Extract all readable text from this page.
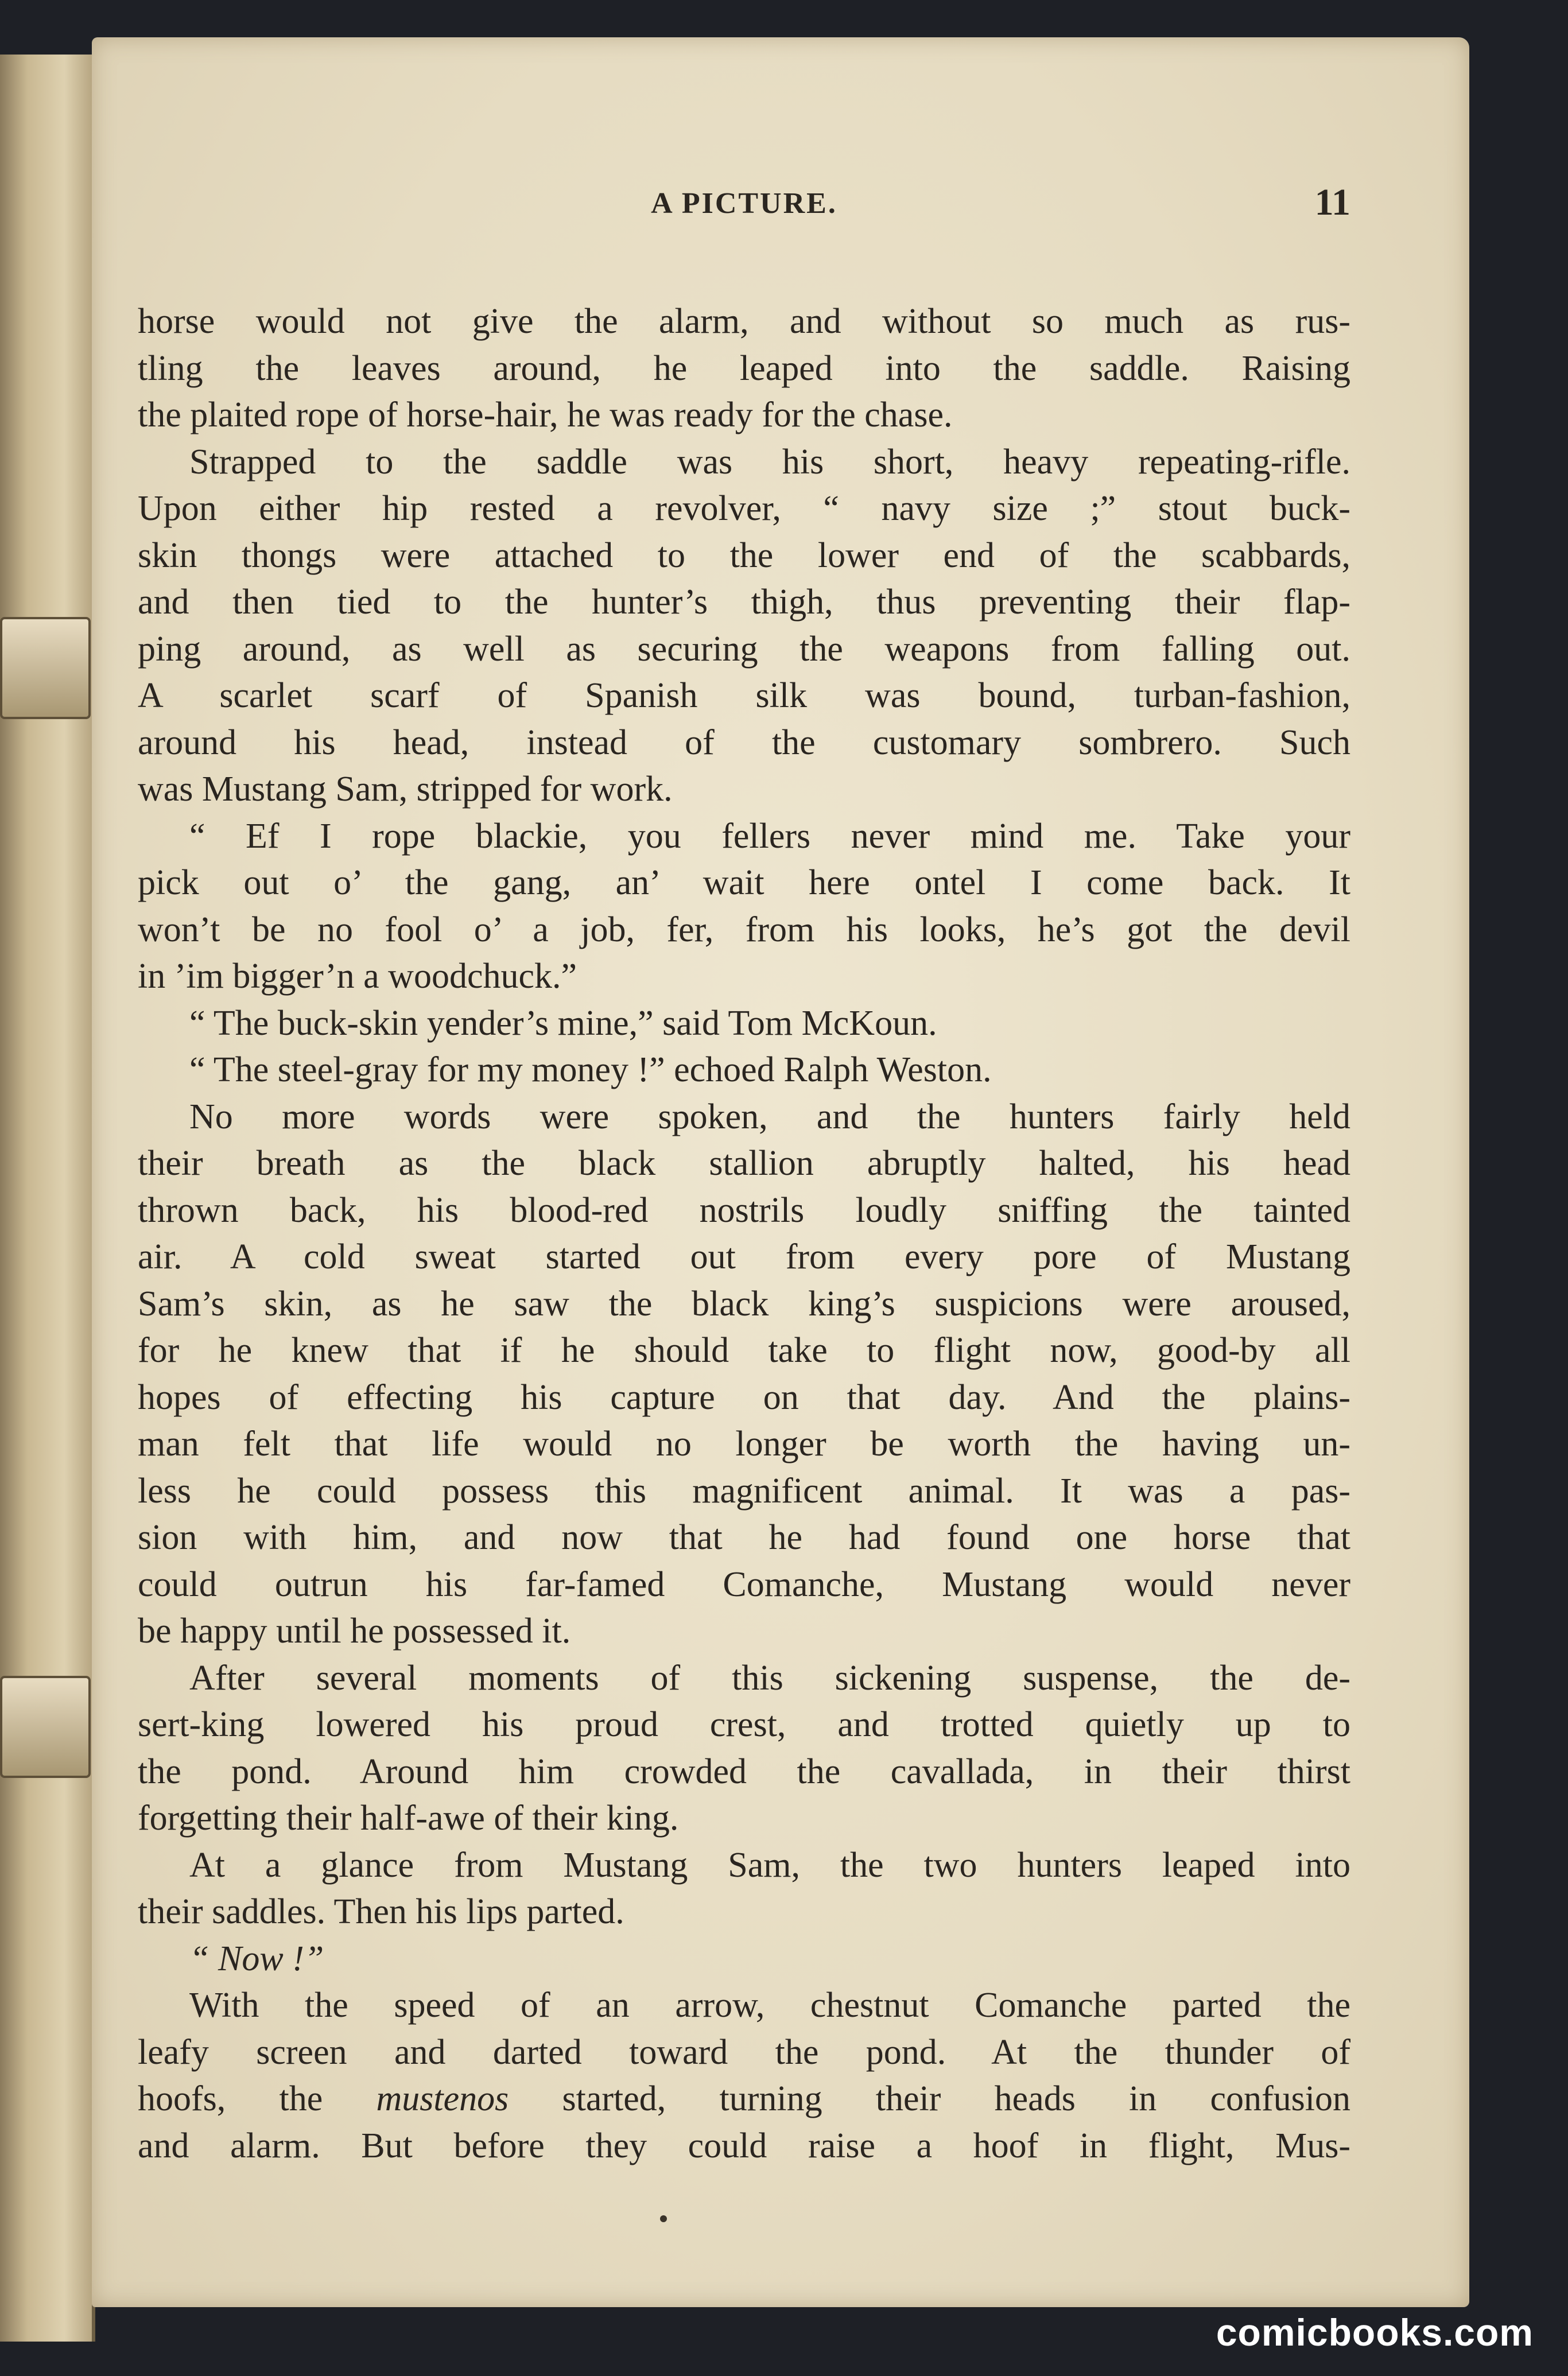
A PICTURE.	11
horse would not give the alarm, and without so much as rus-
tling the leaves around, he leaped into the saddle. Raising
the plaited rope of horse-hair, he was ready for the chase.
Strapped to the saddle was his short, heavy repeating-rifle.
Upon either hip rested a revolver, “ navy size ;” stout buck-
skin thongs were attached to the lower end of the scabbards,
and then tied to the hunter’s thigh, thus preventing their flap-
ping around, as well as securing the weapons from falling out.
A scarlet scarf of Spanish silk was bound, turban-fashion,
around his head, instead of the customary sombrero. Such
was Mustang Sam, stripped for work.
“ Ef I rope blackie, you fellers never mind me. Take your
pick out o’ the gang, an’ wait here ontel I come back. It
won’t be no fool o’ a job, fer, from his looks, he’s got the devil
in ’im bigger’n a woodchuck.”
“ The buck-skin yender’s mine,” said Tom McKoun.
“ The steel-gray for my money !” echoed Ralph Weston.
No more words were spoken, and the hunters fairly held
their breath as the black stallion abruptly halted, his head
thrown back, his blood-red nostrils loudly sniffing the tainted
air. A cold sweat started out from every pore of Mustang
Sam’s skin, as he saw the black king’s suspicions were aroused,
for he knew that if he should take to flight now, good-by all
hopes of effecting his capture on that day. And the plains-
man felt that life would no longer be worth the having un-
less he could possess this magnificent animal. It was a pas-
sion with him, and now that he had found one horse that
could outrun his far-famed Comanche, Mustang would never
be happy until he possessed it.
After several moments of this sickening suspense, the de-
sert-king lowered his proud crest, and trotted quietly up to
the pond. Around him crowded the cavallada, in their thirst
forgetting their half-awe of their king.
At a glance from Mustang Sam, the two hunters leaped into
their saddles. Then his lips parted.
“ Now !”
With the speed of an arrow, chestnut Comanche parted the
leafy screen and darted toward the pond. At the thunder of
hoofs, the mustenos started, turning their heads in confusion
and alarm. But before they could raise a hoof in flight, Mus-
comicbooks.com
